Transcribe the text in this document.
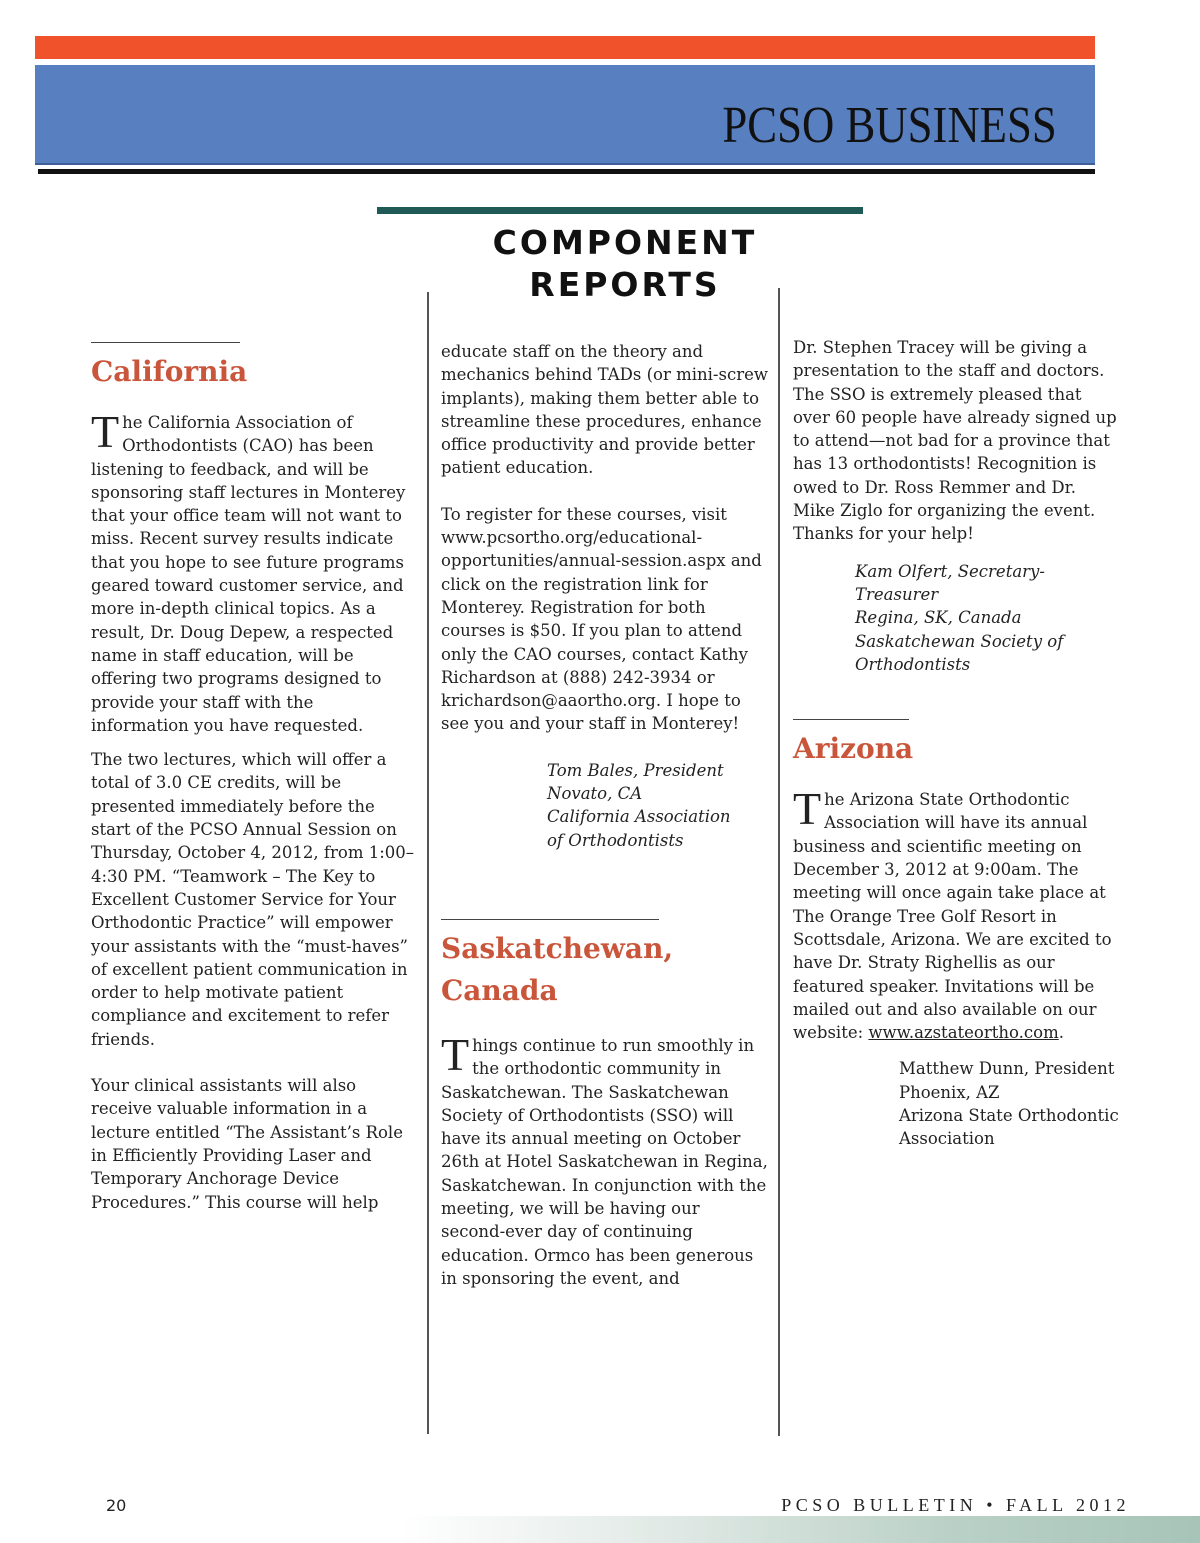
PCSO BUSINESS
COMPONENT REPORTS
California

The California Association of Orthodontists (CAO) has been listening to feedback, and will be sponsoring staff lectures in Monterey that your office team will not want to miss. Recent survey results indicate that you hope to see future programs geared toward customer service, and more in-depth clinical topics. As a result, Dr. Doug Depew, a respected name in staff education, will be offering two programs designed to provide your staff with the information you have requested.

The two lectures, which will offer a total of 3.0 CE credits, will be presented immediately before the start of the PCSO Annual Session on Thursday, October 4, 2012, from 1:00–4:30 PM. “Teamwork – The Key to Excellent Customer Service for Your Orthodontic Practice” will empower your assistants with the “must-haves” of excellent patient communication in order to help motivate patient compliance and excitement to refer friends.

Your clinical assistants will also receive valuable information in a lecture entitled “The Assistant’s Role in Efficiently Providing Laser and Temporary Anchorage Device Procedures.” This course will help

educate staff on the theory and mechanics behind TADs (or mini-screw implants), making them better able to streamline these procedures, enhance office productivity and provide better patient education.

To register for these courses, visit www.pcsortho.org/educational-opportunities/annual-session.aspx and click on the registration link for Monterey. Registration for both courses is $50. If you plan to attend only the CAO courses, contact Kathy Richardson at (888) 242-3934 or krichardson@aaortho.org. I hope to see you and your staff in Monterey!

Tom Bales, President
Novato, CA
California Association
of Orthodontists
Saskatchewan,
Canada

Things continue to run smoothly in the orthodontic community in Saskatchewan. The Saskatchewan Society of Orthodontists (SSO) will have its annual meeting on October 26th at Hotel Saskatchewan in Regina, Saskatchewan. In conjunction with the meeting, we will be having our second-ever day of continuing education. Ormco has been generous in sponsoring the event, and

Dr. Stephen Tracey will be giving a presentation to the staff and doctors. The SSO is extremely pleased that over 60 people have already signed up to attend—not bad for a province that has 13 orthodontists! Recognition is owed to Dr. Ross Remmer and Dr. Mike Ziglo for organizing the event. Thanks for your help!

Kam Olfert, Secretary-Treasurer
Regina, SK, Canada
Saskatchewan Society of
Orthodontists
Arizona

The Arizona State Orthodontic Association will have its annual business and scientific meeting on December 3, 2012 at 9:00am. The meeting will once again take place at The Orange Tree Golf Resort in Scottsdale, Arizona. We are excited to have Dr. Straty Righellis as our featured speaker. Invitations will be mailed out and also available on our website: www.azstateortho.com.

Matthew Dunn, President
Phoenix, AZ
Arizona State Orthodontic
Association
20	PCSO BULLETIN • FALL 2012
